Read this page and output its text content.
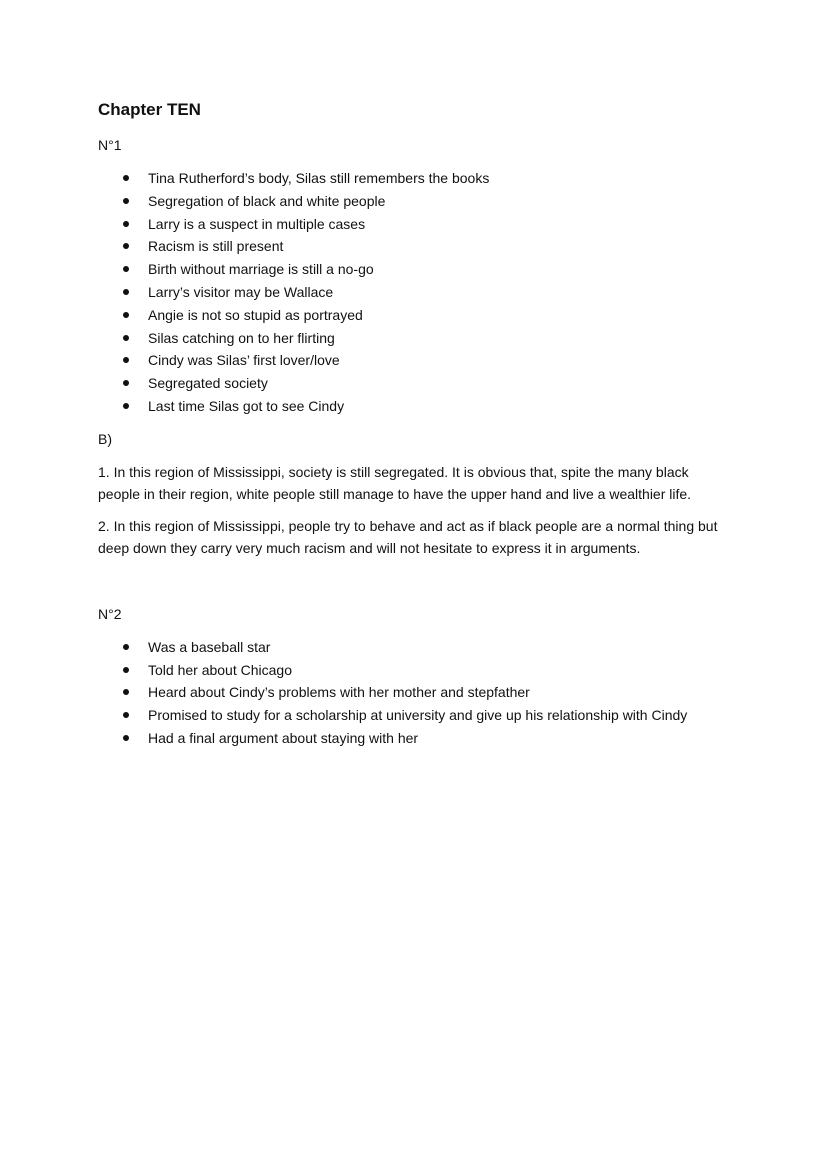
Chapter TEN
N°1
Tina Rutherford’s body, Silas still remembers the books
Segregation of black and white people
Larry is a suspect in multiple cases
Racism is still present
Birth without marriage is still a no-go
Larry’s visitor may be Wallace
Angie is not so stupid as portrayed
Silas catching on to her flirting
Cindy was Silas’ first lover/love
Segregated society
Last time Silas got to see Cindy
B)

1. In this region of Mississippi, society is still segregated. It is obvious that, spite the many black people in their region, white people still manage to have the upper hand and live a wealthier life.

2. In this region of Mississippi, people try to behave and act as if black people are a normal thing but deep down they carry very much racism and will not hesitate to express it in arguments.

N°2
Was a baseball star
Told her about Chicago
Heard about Cindy’s problems with her mother and stepfather
Promised to study for a scholarship at university and give up his relationship with Cindy
Had a final argument about staying with her
